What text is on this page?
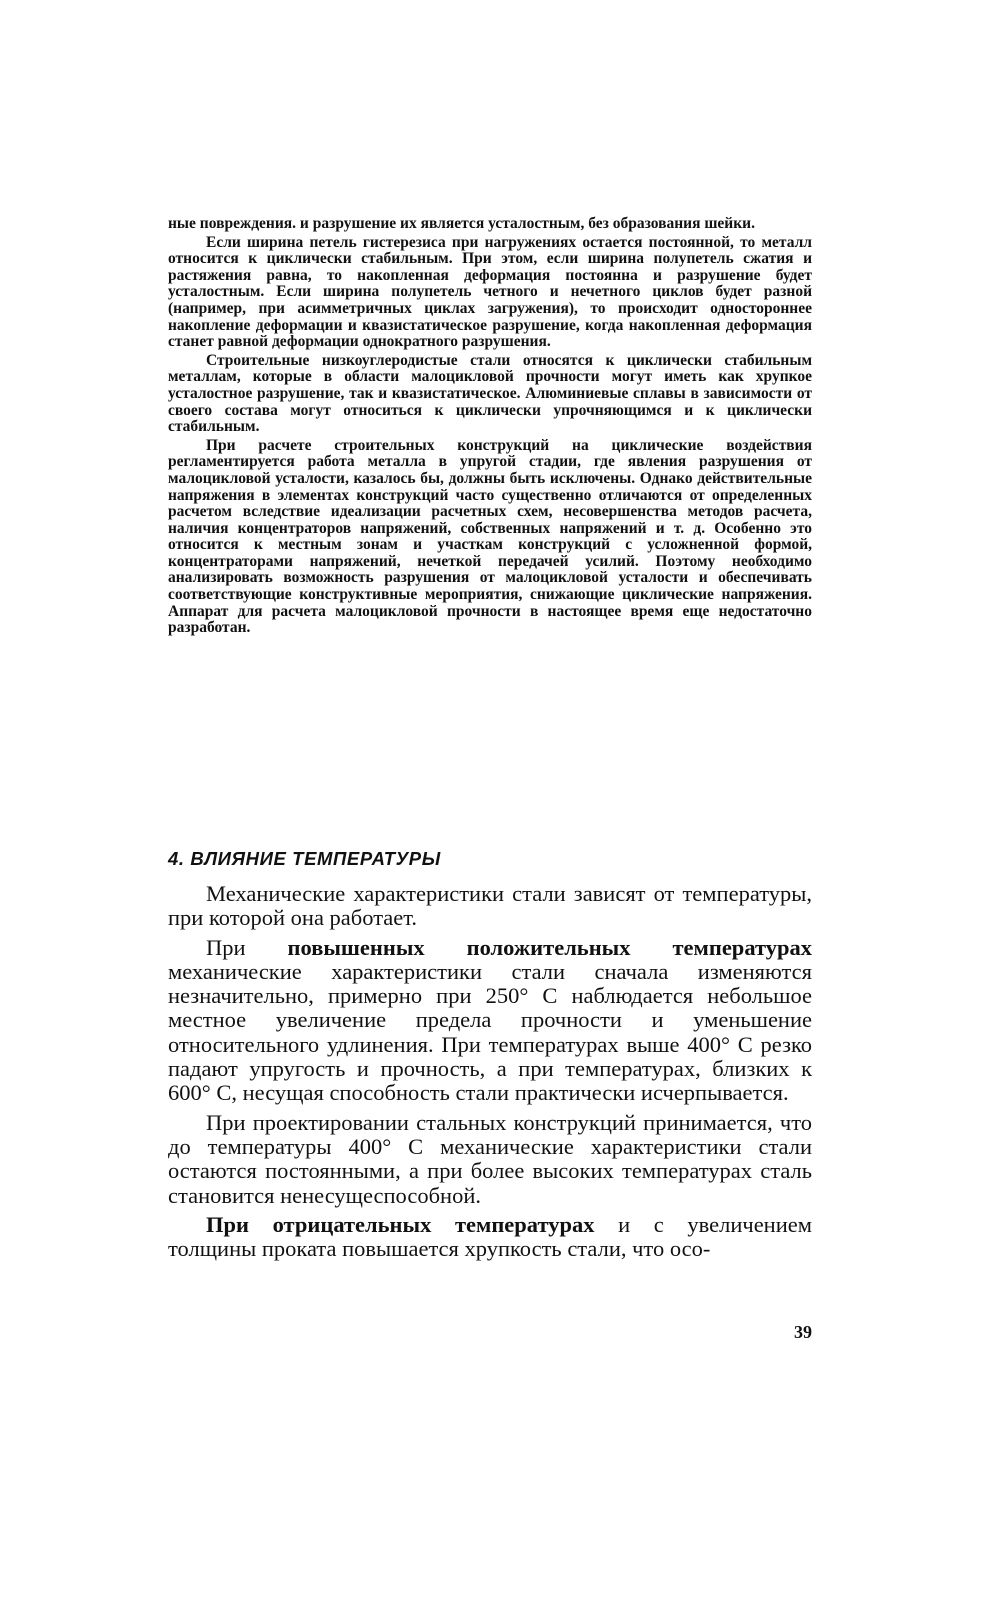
ные повреждения. и разрушение их является усталостным, без образования шейки.

Если ширина петель гистерезиса при нагружениях остается постоянной, то металл относится к циклически стабильным. При этом, если ширина полупетель сжатия и растяжения равна, то накопленная деформация постоянна и разрушение будет усталостным. Если ширина полупетель четного и нечетного циклов будет разной (например, при асимметричных циклах загружения), то происходит одностороннее накопление деформации и квазистатическое разрушение, когда накопленная деформация станет равной деформации однократного разрушения.

Строительные низкоуглеродистые стали относятся к циклически стабильным металлам, которые в области малоцикловой прочности могут иметь как хрупкое усталостное разрушение, так и квазистатическое. Алюминиевые сплавы в зависимости от своего состава могут относиться к циклически упрочняющимся и к циклически стабильным.

При расчете строительных конструкций на циклические воздействия регламентируется работа металла в упругой стадии, где явления разрушения от малоцикловой усталости, казалось бы, должны быть исключены. Однако действительные напряжения в элементах конструкций часто существенно отличаются от определенных расчетом вследствие идеализации расчетных схем, несовершенства методов расчета, наличия концентраторов напряжений, собственных напряжений и т. д. Особенно это относится к местным зонам и участкам конструкций с усложненной формой, концентраторами напряжений, нечеткой передачей усилий. Поэтому необходимо анализировать возможность разрушения от малоцикловой усталости и обеспечивать соответствующие конструктивные мероприятия, снижающие циклические напряжения. Аппарат для расчета малоцикловой прочности в настоящее время еще недостаточно разработан.

4. ВЛИЯНИЕ ТЕМПЕРАТУРЫ

Механические характеристики стали зависят от температуры, при которой она работает.

При повышенных положительных температурах механические характеристики стали сначала изменяются незначительно, примерно при 250° С наблюдается небольшое местное увеличение предела прочности и уменьшение относительного удлинения. При температурах выше 400° С резко падают упругость и прочность, а при температурах, близких к 600° С, несущая способность стали практически исчерпывается.

При проектировании стальных конструкций принимается, что до температуры 400° С механические характеристики стали остаются постоянными, а при более высоких температурах сталь становится ненесущеспособной.

При отрицательных температурах и с увеличением толщины проката повышается хрупкость стали, что осо-

39
